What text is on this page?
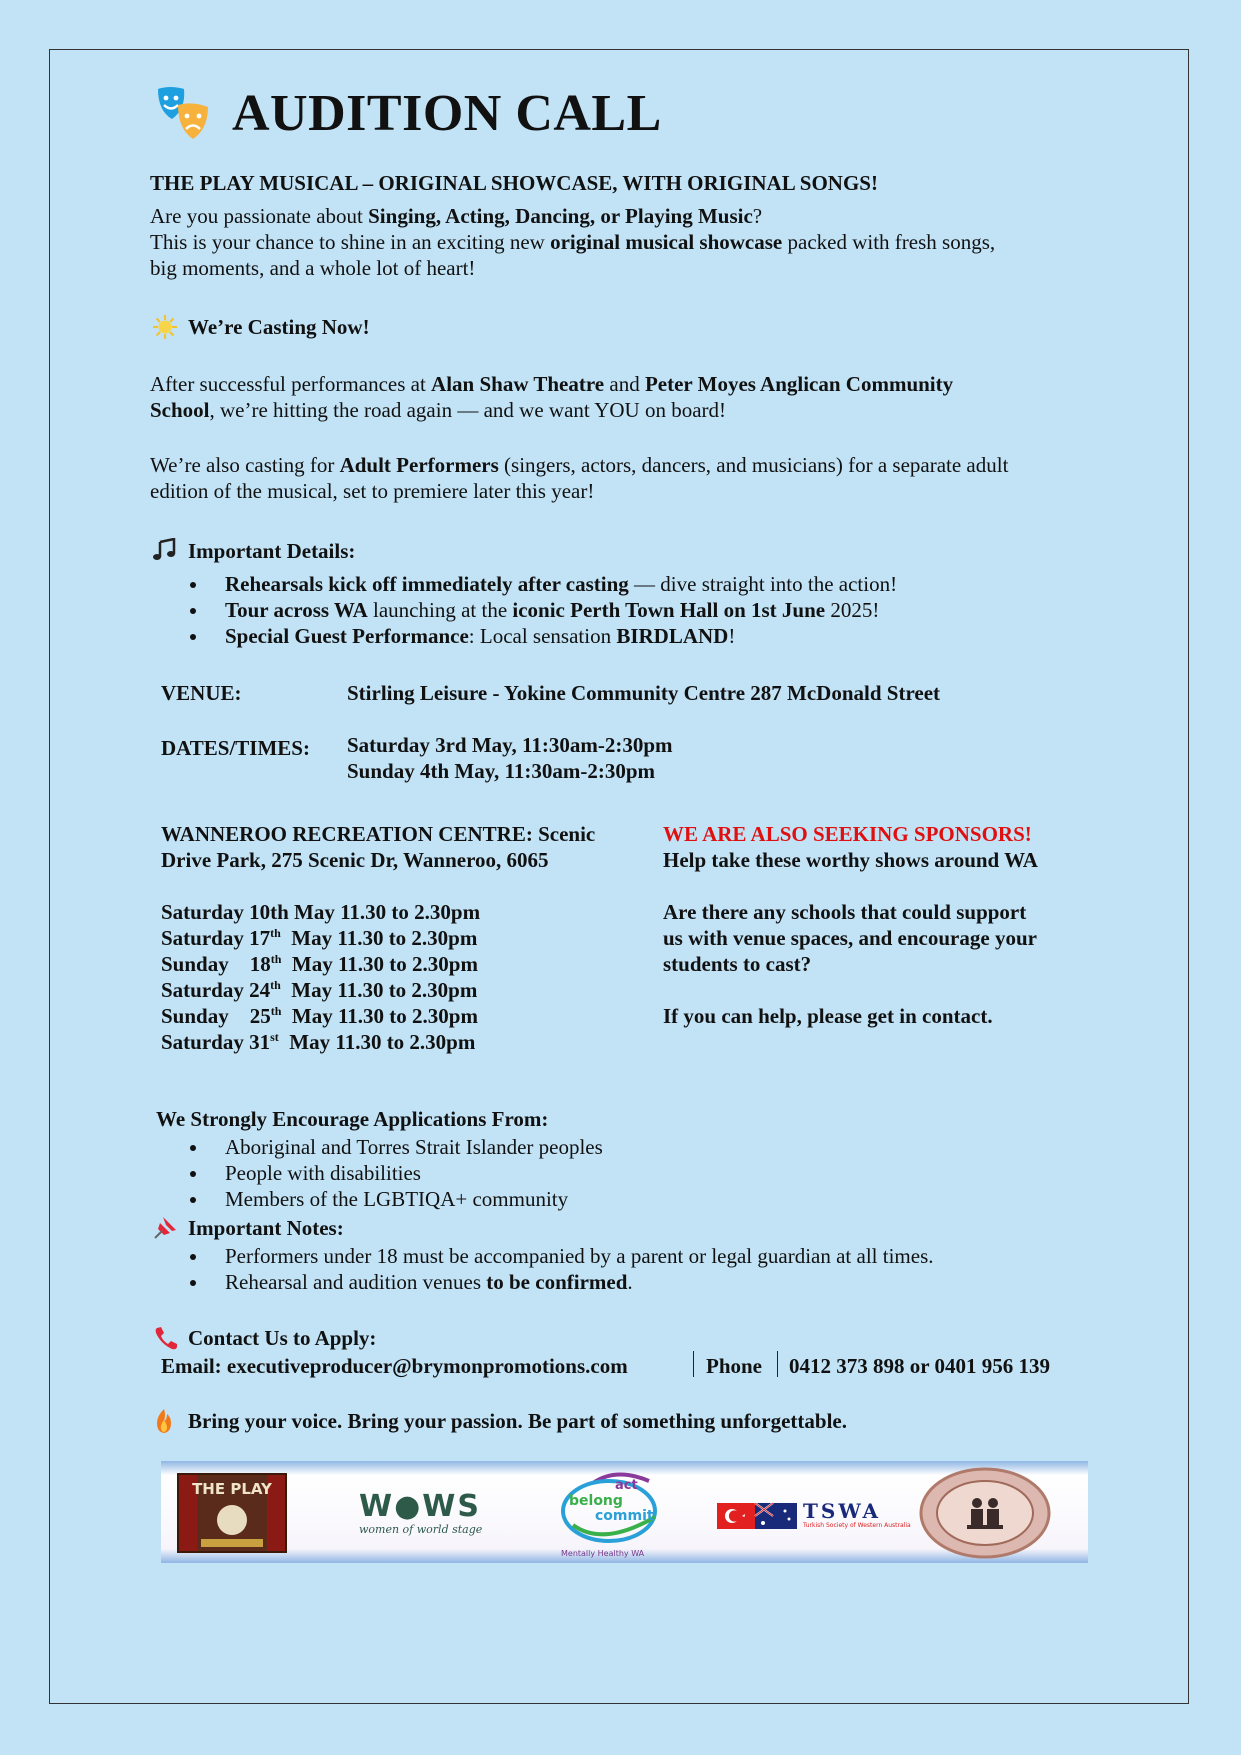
AUDITION CALL
THE PLAY MUSICAL – ORIGINAL SHOWCASE, WITH ORIGINAL SONGS!
Are you passionate about Singing, Acting, Dancing, or Playing Music?
This is your chance to shine in an exciting new original musical showcase packed with fresh songs,
big moments, and a whole lot of heart!
We’re Casting Now!
After successful performances at Alan Shaw Theatre and Peter Moyes Anglican Community
School, we’re hitting the road again — and we want YOU on board!
We’re also casting for Adult Performers (singers, actors, dancers, and musicians) for a separate adult
edition of the musical, set to premiere later this year!
Important Details:
Rehearsals kick off immediately after casting — dive straight into the action!
Tour across WA launching at the iconic Perth Town Hall on 1st June 2025!
Special Guest Performance: Local sensation BIRDLAND!
VENUE:	Stirling Leisure - Yokine Community Centre 287 McDonald Street
DATES/TIMES: Saturday 3rd May, 11:30am-2:30pm
Sunday 4th May, 11:30am-2:30pm
WANNEROO RECREATION CENTRE: Scenic
Drive Park, 275 Scenic Dr, Wanneroo, 6065
Saturday 10th May 11.30 to 2.30pm
Saturday 17th  May 11.30 to 2.30pm
Sunday    18th  May 11.30 to 2.30pm
Saturday 24th  May 11.30 to 2.30pm
Sunday    25th  May 11.30 to 2.30pm
Saturday 31st  May 11.30 to 2.30pm
WE ARE ALSO SEEKING SPONSORS!
Help take these worthy shows around WA
Are there any schools that could support
us with venue spaces, and encourage your
students to cast?
If you can help, please get in contact.
We Strongly Encourage Applications From:
Aboriginal and Torres Strait Islander peoples
People with disabilities
Members of the LGBTIQA+ community
Important Notes:
Performers under 18 must be accompanied by a parent or legal guardian at all times.
Rehearsal and audition venues to be confirmed.
Contact Us to Apply:
Email: executiveproducer@brymonpromotions.com	Phone 0412 373 898 or 0401 956 139
Bring your voice. Bring your passion. Be part of something unforgettable.
THE PLAY	W●WS
women of world stage
act
belong
commit
Mentally Healthy WA
TSWA
Turkish Society of Western Australia
